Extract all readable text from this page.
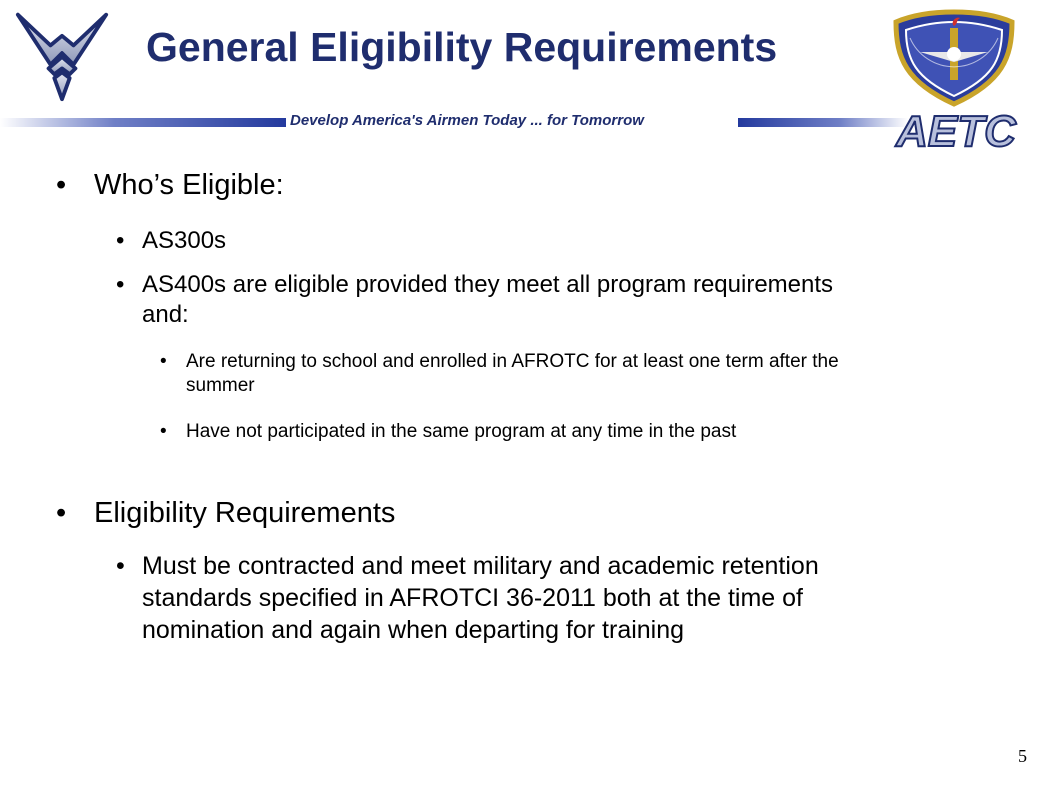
General Eligibility Requirements
Develop America's Airmen Today ... for Tomorrow	AETC
• Who’s Eligible:
• AS300s
• AS400s are eligible provided they meet all program requirements and:
• Are returning to school and enrolled in AFROTC for at least one term after the summer
• Have not participated in the same program at any time in the past
• Eligibility Requirements
• Must be contracted and meet military and academic retention standards specified in AFROTCI 36-2011 both at the time of nomination and again when departing for training
5
